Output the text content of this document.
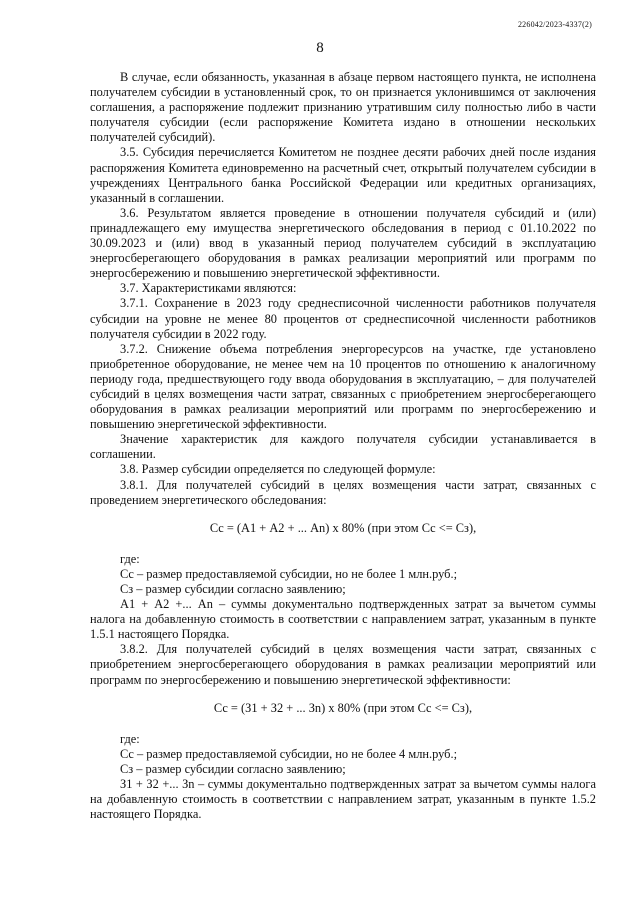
226042/2023-4337(2)
8

В случае, если обязанность, указанная в абзаце первом настоящего пункта, не исполнена получателем субсидии в установленный срок, то он признается уклонившимся от заключения соглашения, а распоряжение подлежит признанию утратившим силу полностью либо в части получателя субсидии (если распоряжение Комитета издано в отношении нескольких получателей субсидий).

3.5. Субсидия перечисляется Комитетом не позднее десяти рабочих дней после издания распоряжения Комитета единовременно на расчетный счет, открытый получателем субсидии в учреждениях Центрального банка Российской Федерации или кредитных организациях, указанный в соглашении.

3.6. Результатом является проведение в отношении получателя субсидий и (или) принадлежащего ему имущества энергетического обследования в период с 01.10.2022 по 30.09.2023 и (или) ввод в указанный период получателем субсидий в эксплуатацию энергосберегающего оборудования в рамках реализации мероприятий или программ по энергосбережению и повышению энергетической эффективности.

3.7. Характеристиками являются:

3.7.1. Сохранение в 2023 году среднесписочной численности работников получателя субсидии на уровне не менее 80 процентов от среднесписочной численности работников получателя субсидии в 2022 году.

3.7.2. Снижение объема потребления энергоресурсов на участке, где установлено приобретенное оборудование, не менее чем на 10 процентов по отношению к аналогичному периоду года, предшествующего году ввода оборудования в эксплуатацию, – для получателей субсидий в целях возмещения части затрат, связанных с приобретением энергосберегающего оборудования в рамках реализации мероприятий или программ по энергосбережению и повышению энергетической эффективности.

Значение характеристик для каждого получателя субсидии устанавливается в соглашении.

3.8. Размер субсидии определяется по следующей формуле:

3.8.1. Для получателей субсидий в целях возмещения части затрат, связанных с проведением энергетического обследования:

Сс = (А1 + А2 + ... Аn) х 80% (при этом Сс <= Сз),

где:

Сс – размер предоставляемой субсидии, но не более 1 млн.руб.;

Сз – размер субсидии согласно заявлению;

А1 + А2 +... Аn – суммы документально подтвержденных затрат за вычетом суммы налога на добавленную стоимость в соответствии с направлением затрат, указанным в пункте 1.5.1 настоящего Порядка.

3.8.2. Для получателей субсидий в целях возмещения части затрат, связанных с приобретением энергосберегающего оборудования в рамках реализации мероприятий или программ по энергосбережению и повышению энергетической эффективности:

Сс = (З1 + З2 + ... Зn) х 80% (при этом Сс <= Сз),

где:

Сс – размер предоставляемой субсидии, но не более 4 млн.руб.;

Сз – размер субсидии согласно заявлению;

З1 + З2 +... Зn – суммы документально подтвержденных затрат за вычетом суммы налога на добавленную стоимость в соответствии с направлением затрат, указанным в пункте 1.5.2 настоящего Порядка.
